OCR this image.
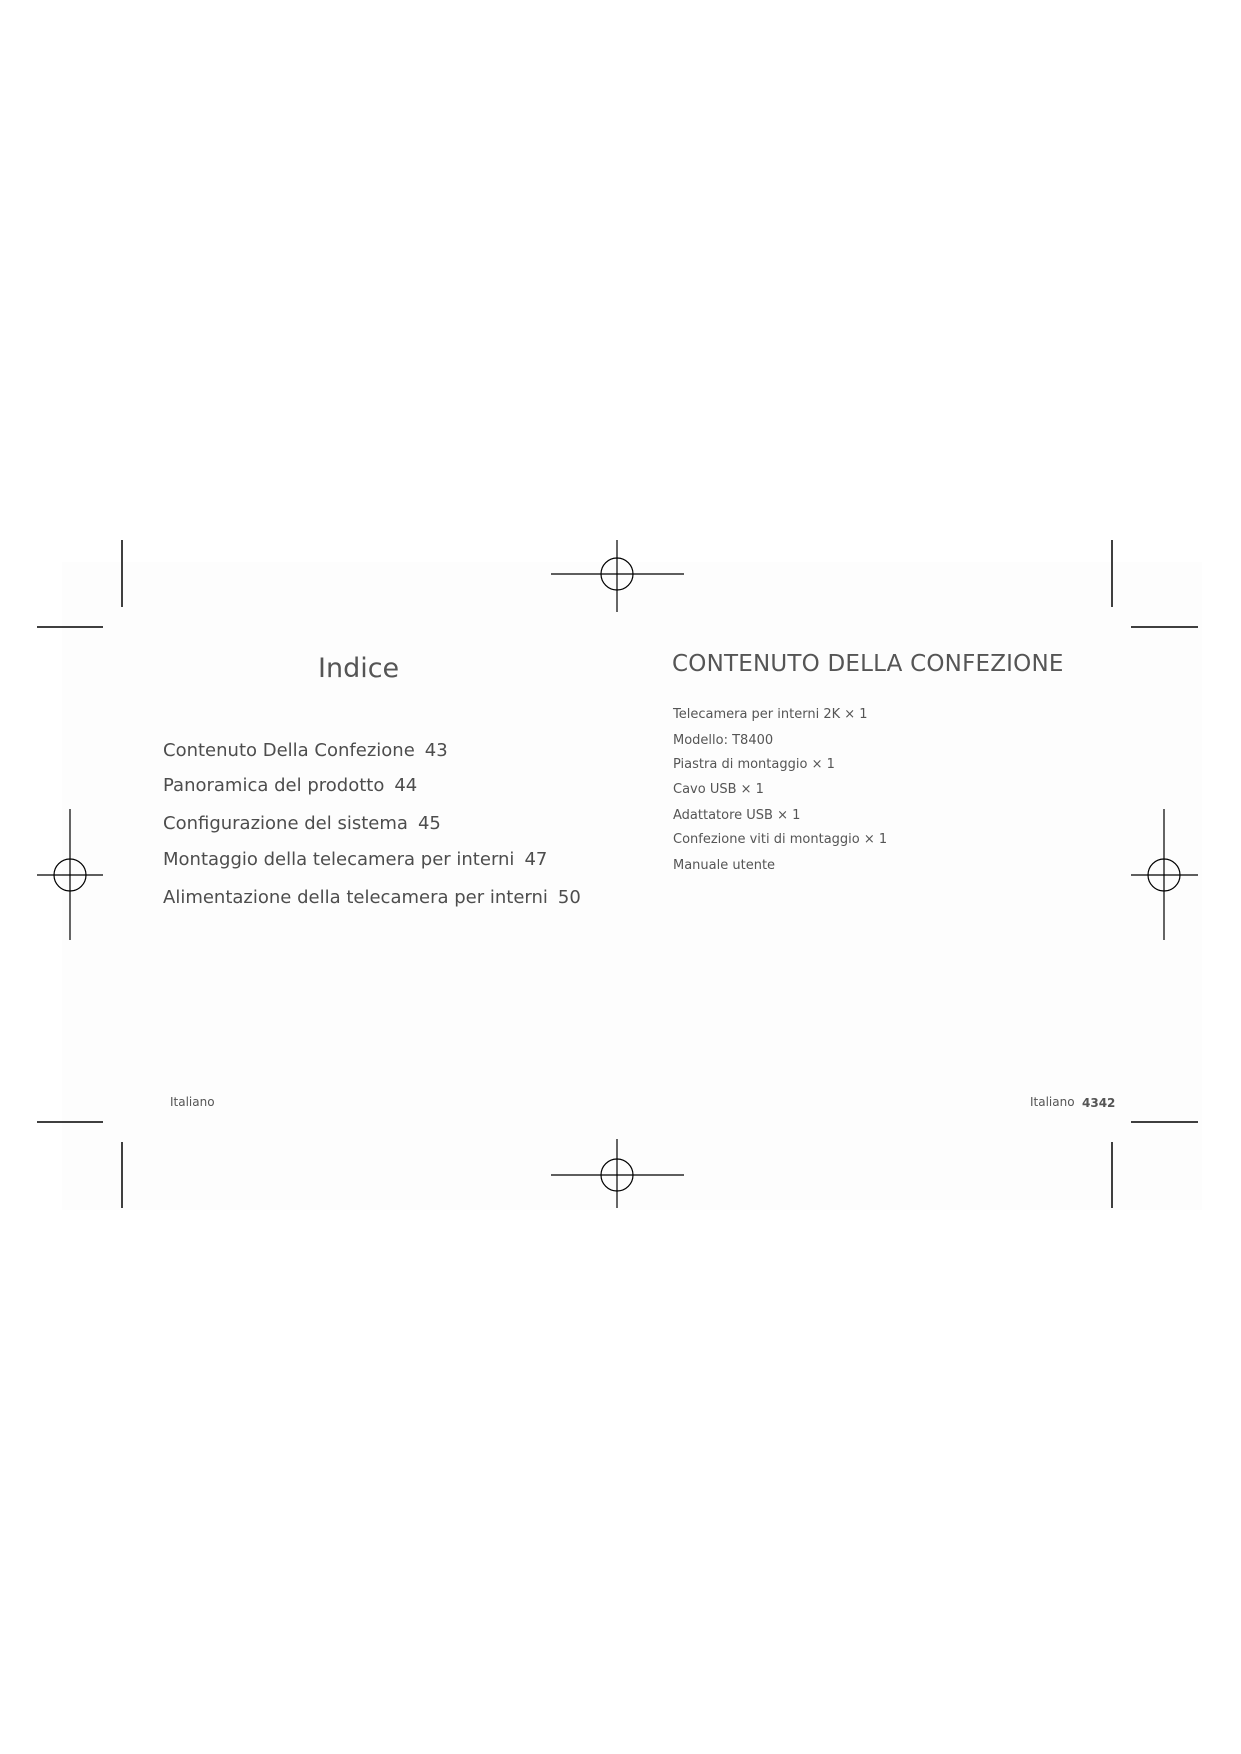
Indice
Contenuto Della Confezione 43
Panoramica del prodotto 44
Configurazione del sistema 45
Montaggio della telecamera per interni 47
Alimentazione della telecamera per interni 50
Italiano
CONTENUTO DELLA CONFEZIONE
Telecamera per interni 2K × 1
Modello: T8400
Piastra di montaggio × 1
Cavo USB × 1
Adattatore USB × 1
Confezione viti di montaggio × 1
Manuale utente
Italiano 4342
